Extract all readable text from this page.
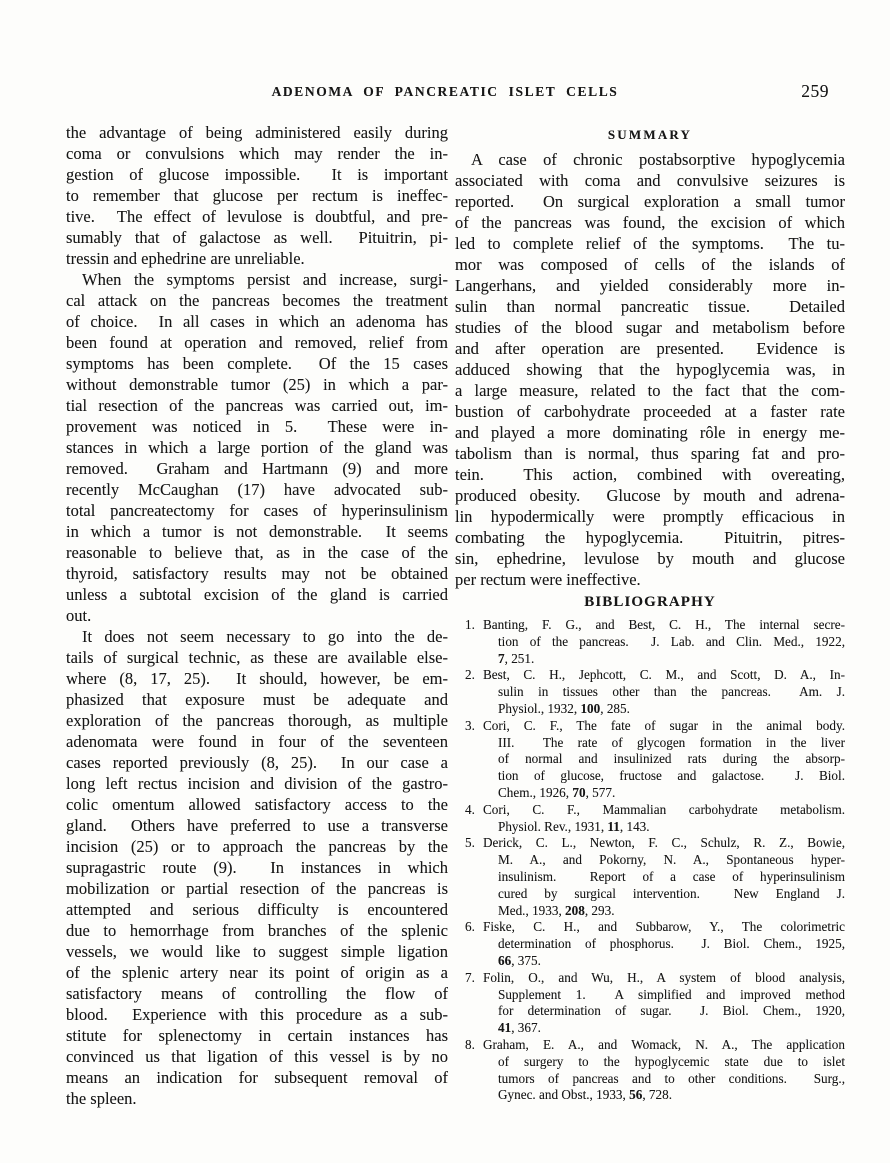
ADENOMA OF PANCREATIC ISLET CELLS	259
the advantage of being administered easily during
coma or convulsions which may render the in-
gestion of glucose impossible.  It is important
to remember that glucose per rectum is ineffec-
tive.  The effect of levulose is doubtful, and pre-
sumably that of galactose as well.  Pituitrin, pi-
tressin and ephedrine are unreliable.
When the symptoms persist and increase, surgi-
cal attack on the pancreas becomes the treatment
of choice.  In all cases in which an adenoma has
been found at operation and removed, relief from
symptoms has been complete.  Of the 15 cases
without demonstrable tumor (25) in which a par-
tial resection of the pancreas was carried out, im-
provement was noticed in 5.  These were in-
stances in which a large portion of the gland was
removed.  Graham and Hartmann (9) and more
recently McCaughan (17) have advocated sub-
total pancreatectomy for cases of hyperinsulinism
in which a tumor is not demonstrable.  It seems
reasonable to believe that, as in the case of the
thyroid, satisfactory results may not be obtained
unless a subtotal excision of the gland is carried
out.
It does not seem necessary to go into the de-
tails of surgical technic, as these are available else-
where (8, 17, 25).  It should, however, be em-
phasized that exposure must be adequate and
exploration of the pancreas thorough, as multiple
adenomata were found in four of the seventeen
cases reported previously (8, 25).  In our case a
long left rectus incision and division of the gastro-
colic omentum allowed satisfactory access to the
gland.  Others have preferred to use a transverse
incision (25) or to approach the pancreas by the
supragastric route (9).  In instances in which
mobilization or partial resection of the pancreas is
attempted and serious difficulty is encountered
due to hemorrhage from branches of the splenic
vessels, we would like to suggest simple ligation
of the splenic artery near its point of origin as a
satisfactory means of controlling the flow of
blood.  Experience with this procedure as a sub-
stitute for splenectomy in certain instances has
convinced us that ligation of this vessel is by no
means an indication for subsequent removal of
the spleen.
SUMMARY
A case of chronic postabsorptive hypoglycemia
associated with coma and convulsive seizures is
reported.  On surgical exploration a small tumor
of the pancreas was found, the excision of which
led to complete relief of the symptoms.  The tu-
mor was composed of cells of the islands of
Langerhans, and yielded considerably more in-
sulin than normal pancreatic tissue.  Detailed
studies of the blood sugar and metabolism before
and after operation are presented.  Evidence is
adduced showing that the hypoglycemia was, in
a large measure, related to the fact that the com-
bustion of carbohydrate proceeded at a faster rate
and played a more dominating rôle in energy me-
tabolism than is normal, thus sparing fat and pro-
tein.  This action, combined with overeating,
produced obesity.  Glucose by mouth and adrena-
lin hypodermically were promptly efficacious in
combating the hypoglycemia.  Pituitrin, pitres-
sin, ephedrine, levulose by mouth and glucose
per rectum were ineffective.
BIBLIOGRAPHY
1. Banting, F. G., and Best, C. H., The internal secre-
tion of the pancreas.  J. Lab. and Clin. Med., 1922,
7, 251.
2. Best, C. H., Jephcott, C. M., and Scott, D. A., In-
sulin in tissues other than the pancreas.  Am. J.
Physiol., 1932, 100, 285.
3. Cori, C. F., The fate of sugar in the animal body.
III.  The rate of glycogen formation in the liver
of normal and insulinized rats during the absorp-
tion of glucose, fructose and galactose.  J. Biol.
Chem., 1926, 70, 577.
4. Cori, C. F., Mammalian carbohydrate metabolism.
Physiol. Rev., 1931, 11, 143.
5. Derick, C. L., Newton, F. C., Schulz, R. Z., Bowie,
M. A., and Pokorny, N. A., Spontaneous hyper-
insulinism.  Report of a case of hyperinsulinism
cured by surgical intervention.  New England J.
Med., 1933, 208, 293.
6. Fiske, C. H., and Subbarow, Y., The colorimetric
determination of phosphorus.  J. Biol. Chem., 1925,
66, 375.
7. Folin, O., and Wu, H., A system of blood analysis,
Supplement 1.  A simplified and improved method
for determination of sugar.  J. Biol. Chem., 1920,
41, 367.
8. Graham, E. A., and Womack, N. A., The application
of surgery to the hypoglycemic state due to islet
tumors of pancreas and to other conditions.  Surg.,
Gynec. and Obst., 1933, 56, 728.
